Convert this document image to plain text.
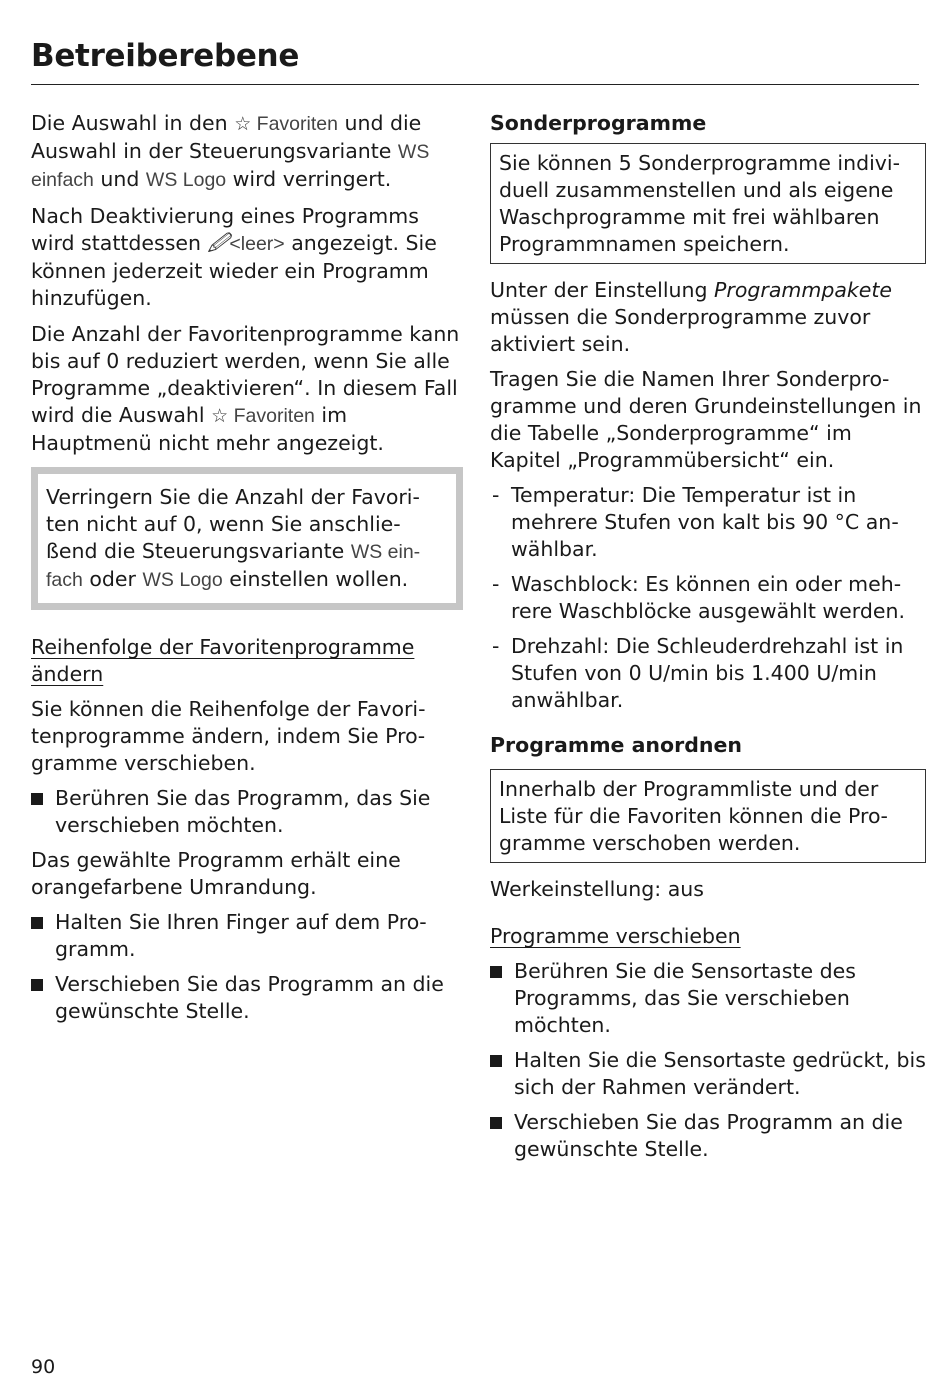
Betreiberebene

Die Auswahl in den ☆ Favoriten und die Auswahl in der Steuerungsvariante WS einfach und WS Logo wird verringert.

Nach Deaktivierung eines Programms wird stattdessen 🖉<leer> angezeigt. Sie können jederzeit wieder ein Programm hinzufügen.

Die Anzahl der Favoritenprogramme kann bis auf 0 reduziert werden, wenn Sie alle Programme „deaktivieren“. In diesem Fall wird die Auswahl ☆ Favoriten im Hauptmenü nicht mehr angezeigt.

Verringern Sie die Anzahl der Favoriten nicht auf 0, wenn Sie anschließend die Steuerungsvariante WS einfach oder WS Logo einstellen wollen.

Reihenfolge der Favoritenprogramme ändern

Sie können die Reihenfolge der Favoritenprogramme ändern, indem Sie Programme verschieben.

Berühren Sie das Programm, das Sie verschieben möchten.

Das gewählte Programm erhält eine orangefarbene Umrandung.

Halten Sie Ihren Finger auf dem Programm.
Verschieben Sie das Programm an die gewünschte Stelle.

Sonderprogramme

Sie können 5 Sonderprogramme individuell zusammenstellen und als eigene Waschprogramme mit frei wählbaren Programmnamen speichern.

Unter der Einstellung Programmpakete müssen die Sonderprogramme zuvor aktiviert sein.

Tragen Sie die Namen Ihrer Sonderprogramme und deren Grundeinstellungen in die Tabelle „Sonderprogramme“ im Kapitel „Programmübersicht“ ein.

- Temperatur: Die Temperatur ist in mehrere Stufen von kalt bis 90 °C anwählbar.
- Waschblock: Es können ein oder mehrere Waschblöcke ausgewählt werden.
- Drehzahl: Die Schleuderdrehzahl ist in Stufen von 0 U/min bis 1.400 U/min anwählbar.

Programme anordnen

Innerhalb der Programmliste und der Liste für die Favoriten können die Programme verschoben werden.

Werkeinstellung: aus

Programme verschieben

Berühren Sie die Sensortaste des Programms, das Sie verschieben möchten.
Halten Sie die Sensortaste gedrückt, bis sich der Rahmen verändert.
Verschieben Sie das Programm an die gewünschte Stelle.
90
